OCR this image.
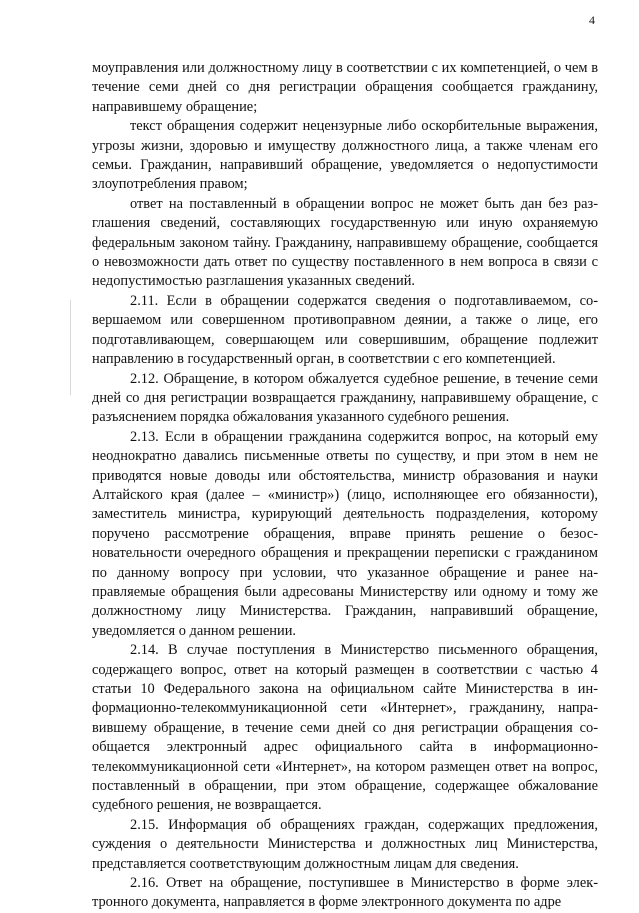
4

моуправления или должностному лицу в соответствии с их компетенцией, о чем в течение семи дней со дня регистрации обращения сообщается гражданину, направившему обращение;

текст обращения содержит нецензурные либо оскорбительные выражения, угрозы жизни, здоровью и имуществу должностного лица, а также членам его семьи. Гражданин, направивший обращение, уведомляется о недопустимости злоупотребления правом;

ответ на поставленный в обращении вопрос не может быть дан без разглашения сведений, составляющих государственную или иную охраняемую федеральным законом тайну. Гражданину, направившему обращение, сообщается о невозможности дать ответ по существу поставленного в нем вопроса в связи с недопустимостью разглашения указанных сведений.

2.11. Если в обращении содержатся сведения о подготавливаемом, совершаемом или совершенном противоправном деянии, а также о лице, его подготавливающем, совершающем или совершившим, обращение подлежит направлению в государственный орган, в соответствии с его компетенцией.

2.12. Обращение, в котором обжалуется судебное решение, в течение семи дней со дня регистрации возвращается гражданину, направившему обращение, с разъяснением порядка обжалования указанного судебного решения.

2.13. Если в обращении гражданина содержится вопрос, на который ему неоднократно давались письменные ответы по существу, и при этом в нем не приводятся новые доводы или обстоятельства, министр образования и науки Алтайского края (далее – «министр») (лицо, исполняющее его обязанности), заместитель министра, курирующий деятельность подразделения, которому поручено рассмотрение обращения, вправе принять решение о безосновательности очередного обращения и прекращении переписки с гражданином по данному вопросу при условии, что указанное обращение и ранее направляемые обращения были адресованы Министерству или одному и тому же должностному лицу Министерства. Гражданин, направивший обращение, уведомляется о данном решении.

2.14. В случае поступления в Министерство письменного обращения, содержащего вопрос, ответ на который размещен в соответствии с частью 4 статьи 10 Федерального закона на официальном сайте Министерства в информационно-телекоммуникационной сети «Интернет», гражданину, направившему обращение, в течение семи дней со дня регистрации обращения сообщается электронный адрес официального сайта в информационно-телекоммуникационной сети «Интернет», на котором размещен ответ на вопрос, поставленный в обращении, при этом обращение, содержащее обжалование судебного решения, не возвращается.

2.15. Информация об обращениях граждан, содержащих предложения, суждения о деятельности Министерства и должностных лиц Министерства, представляется соответствующим должностным лицам для сведения.

2.16. Ответ на обращение, поступившее в Министерство в форме электронного документа, направляется в форме электронного документа по адре
